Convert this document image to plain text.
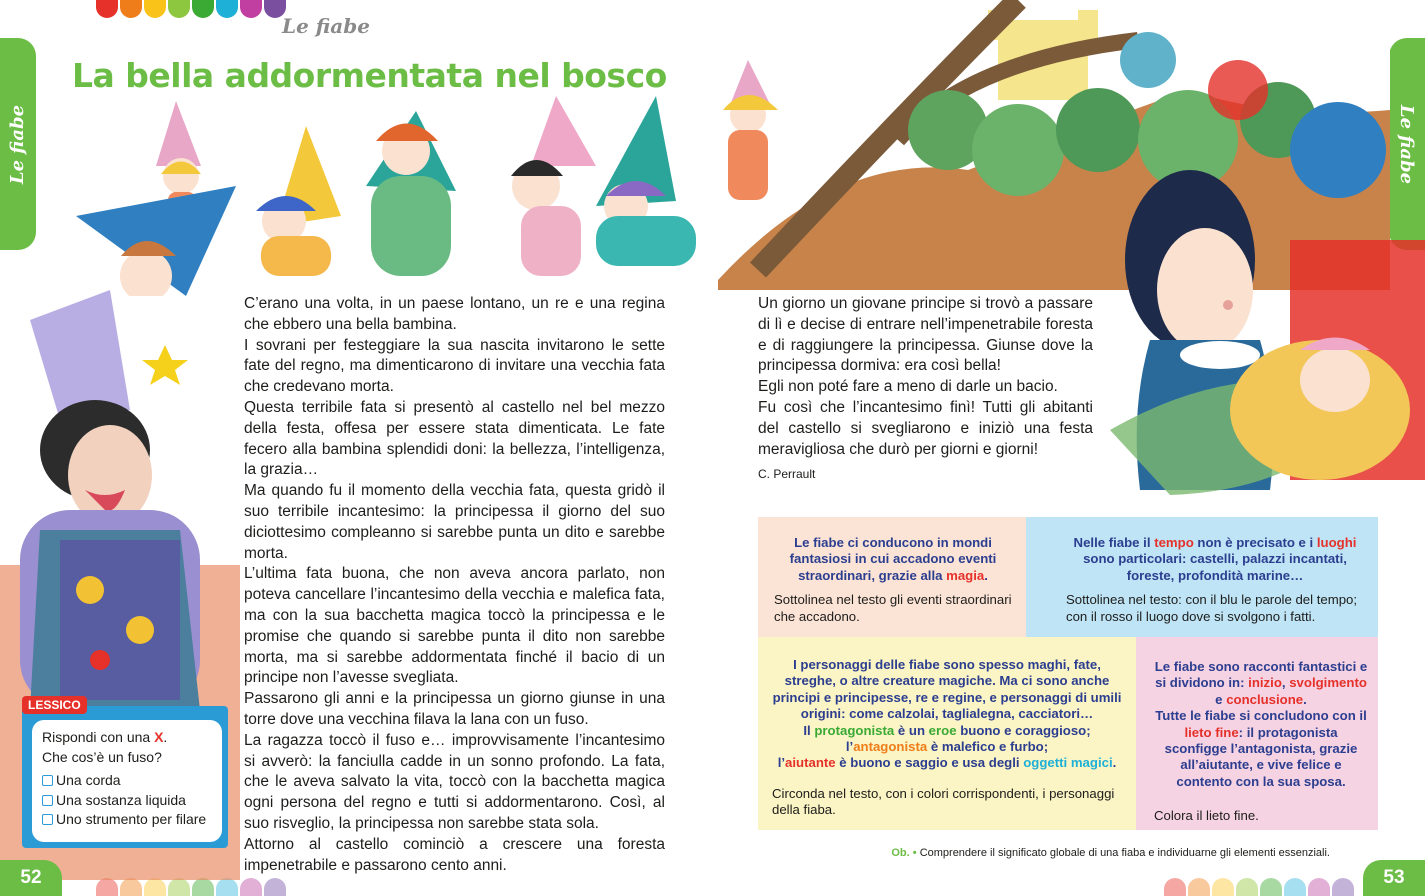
Le fiabe
Le fiabe	Le fiabe
La bella addormentata nel bosco

C’erano una volta, in un paese lontano, un re e una regina che ebbero una bella bambina.

I sovrani per festeggiare la sua nascita invitarono le sette fate del regno, ma dimenticarono di invitare una vecchia fata che credevano morta.

Questa terribile fata si presentò al castello nel bel mezzo della festa, offesa per essere stata dimenticata. Le fate fecero alla bambina splendidi doni: la bellezza, l’intelligenza, la grazia…

Ma quando fu il momento della vecchia fata, questa gridò il suo terribile incantesimo: la principessa il giorno del suo diciottesimo compleanno si sarebbe punta un dito e sarebbe morta.

L’ultima fata buona, che non aveva ancora parlato, non poteva cancellare l’incantesimo della vecchia e malefica fata, ma con la sua bacchetta magica toccò la principessa e le promise che quando si sarebbe punta il dito non sarebbe morta, ma si sarebbe addormentata finché il bacio di un principe non l’avesse svegliata.

Passarono gli anni e la principessa un giorno giunse in una torre dove una vecchina filava la lana con un fuso.

La ragazza toccò il fuso e… improvvisamente l’incantesimo si avverò: la fanciulla cadde in un sonno profondo. La fata, che le aveva salvato la vita, toccò con la bacchetta magica ogni persona del regno e tutti si addormentarono. Così, al suo risveglio, la principessa non sarebbe stata sola.

Attorno al castello cominciò a crescere una foresta impenetrabile e passarono cento anni.

Un giorno un giovane principe si trovò a passare di lì e decise di entrare nell’impenetrabile foresta e di raggiungere la principessa. Giunse dove la principessa dormiva: era così bella!

Egli non poté fare a meno di darle un bacio.

Fu così che l’incantesimo finì! Tutti gli abitanti del castello si svegliarono e iniziò una festa meravigliosa che durò per giorni e giorni!

C. Perrault
Rispondi con una X.
Che cos’è un fuso?
Una corda
Una sostanza liquida
Uno strumento per filare
LESSICO
Le fiabe ci conducono in mondi fantasiosi in cui accadono eventi straordinari, grazie alla magia.
Sottolinea nel testo gli eventi straordinari che accadono.
Nelle fiabe il tempo non è precisato e i luoghi sono particolari: castelli, palazzi incantati, foreste, profondità marine…
Sottolinea nel testo: con il blu le parole del tempo; con il rosso il luogo dove si svolgono i fatti.
I personaggi delle fiabe sono spesso maghi, fate, streghe, o altre creature magiche. Ma ci sono anche principi e principesse, re e regine, e personaggi di umili origini: come calzolai, taglialegna, cacciatori…
Il protagonista è un eroe buono e coraggioso;
l’antagonista è malefico e furbo;
l’aiutante è buono e saggio e usa degli oggetti magici.
Circonda nel testo, con i colori corrispondenti, i personaggi della fiaba.
Le fiabe sono racconti fantastici e si dividono in: inizio, svolgimento e conclusione.
Tutte le fiabe si concludono con il lieto fine: il protagonista sconfigge l’antagonista, grazie all’aiutante, e vive felice e contento con la sua sposa.
Colora il lieto fine.
Ob. • Comprendere il significato globale di una fiaba e individuarne gli elementi essenziali.
52	53
